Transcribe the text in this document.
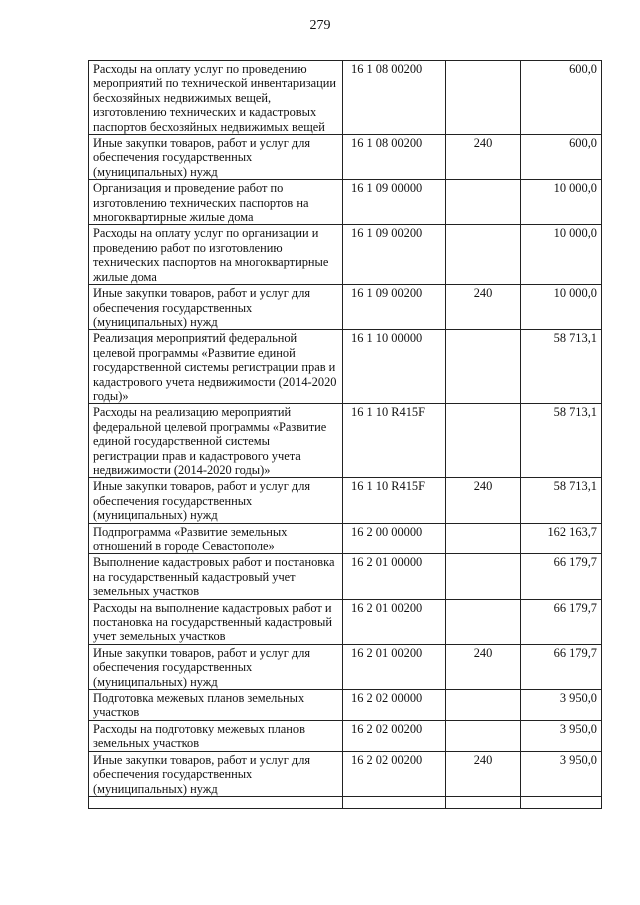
279
Расходы на оплату услуг по проведению мероприятий по технической инвентаризации бесхозяйных недвижимых вещей, изготовлению технических и кадастровых паспортов бесхозяйных недвижимых вещей	16 1 08 00200		600,0
Иные закупки товаров, работ и услуг для обеспечения государственных (муниципальных) нужд	16 1 08 00200	240	600,0
Организация и проведение работ по изготовлению технических паспортов на многоквартирные жилые дома	16 1 09 00000		10 000,0
Расходы на оплату услуг по организации и проведению работ по изготовлению технических паспортов на многоквартирные жилые дома	16 1 09 00200		10 000,0
Иные закупки товаров, работ и услуг для обеспечения государственных (муниципальных) нужд	16 1 09 00200	240	10 000,0
Реализация мероприятий федеральной целевой программы «Развитие единой государственной системы регистрации прав и кадастрового учета недвижимости (2014-2020 годы)»	16 1 10 00000		58 713,1
Расходы на реализацию мероприятий федеральной целевой программы «Развитие единой государственной системы регистрации прав и кадастрового учета недвижимости (2014-2020 годы)»	16 1 10 R415F		58 713,1
Иные закупки товаров, работ и услуг для обеспечения государственных (муниципальных) нужд	16 1 10 R415F	240	58 713,1
Подпрограмма «Развитие земельных отношений в городе Севастополе»	16 2 00 00000		162 163,7
Выполнение кадастровых работ и постановка на государственный кадастровый учет земельных участков	16 2 01 00000		66 179,7
Расходы на выполнение кадастровых работ и постановка на государственный кадастровый учет земельных участков	16 2 01 00200		66 179,7
Иные закупки товаров, работ и услуг для обеспечения государственных (муниципальных) нужд	16 2 01 00200	240	66 179,7
Подготовка межевых планов земельных участков	16 2 02 00000		3 950,0
Расходы на подготовку межевых планов земельных участков	16 2 02 00200		3 950,0
Иные закупки товаров, работ и услуг для обеспечения государственных (муниципальных) нужд	16 2 02 00200	240	3 950,0
